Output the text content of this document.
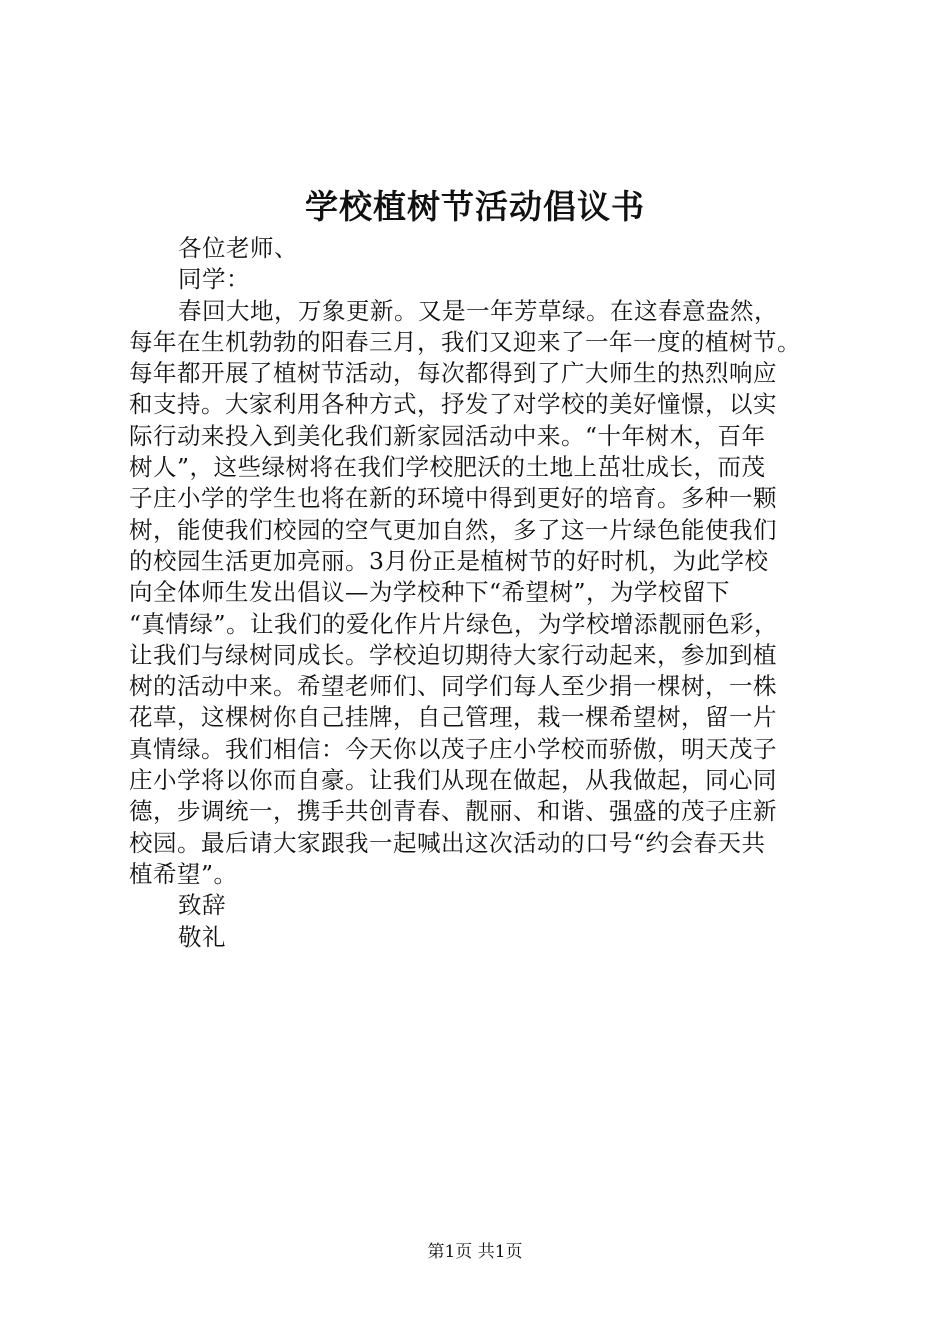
学校植树节活动倡议书
各位老师、
同学：
春回大地，万象更新。又是一年芳草绿。在这春意盎然，
每年在生机勃勃的阳春三月，我们又迎来了一年一度的植树节。
每年都开展了植树节活动，每次都得到了广大师生的热烈响应
和支持。大家利用各种方式，抒发了对学校的美好憧憬，以实
际行动来投入到美化我们新家园活动中来。“十年树木，百年
树人”，这些绿树将在我们学校肥沃的土地上茁壮成长，而茂
子庄小学的学生也将在新的环境中得到更好的培育。多种一颗
树，能使我们校园的空气更加自然，多了这一片绿色能使我们
的校园生活更加亮丽。3月份正是植树节的好时机，为此学校
向全体师生发出倡议—为学校种下“希望树”，为学校留下
“真情绿”。让我们的爱化作片片绿色，为学校增添靓丽色彩，
让我们与绿树同成长。学校迫切期待大家行动起来，参加到植
树的活动中来。希望老师们、同学们每人至少捐一棵树，一株
花草，这棵树你自己挂牌，自己管理，栽一棵希望树，留一片
真情绿。我们相信：今天你以茂子庄小学校而骄傲，明天茂子
庄小学将以你而自豪。让我们从现在做起，从我做起，同心同
德，步调统一，携手共创青春、靓丽、和谐、强盛的茂子庄新
校园。最后请大家跟我一起喊出这次活动的口号“约会春天共
植希望”。
致辞
敬礼
第1页 共1页
